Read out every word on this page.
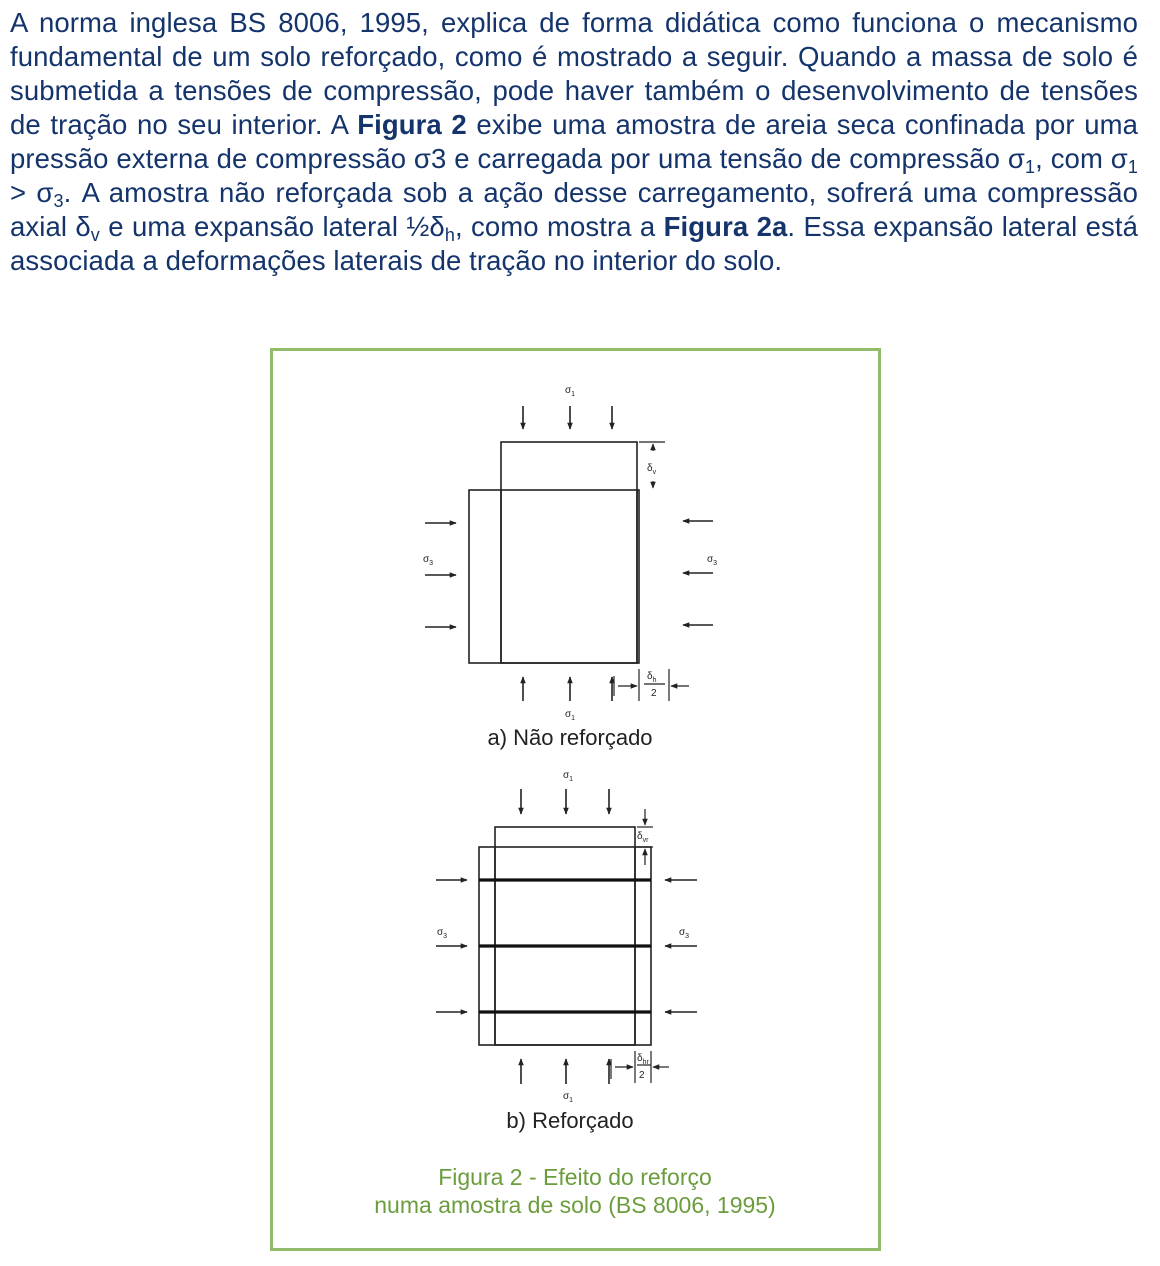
A norma inglesa BS 8006, 1995, explica de forma didática como funciona o mecanismo fundamental de um solo reforçado, como é mostrado a seguir. Quando a massa de solo é submetida a tensões de compressão, pode haver também o desenvolvimento de tensões de tração no seu interior. A Figura 2 exibe uma amostra de areia seca confinada por uma pressão externa de compressão σ3 e carregada por uma tensão de compressão $\sigma_1$, com $\sigma_1 > \sigma_3$. A amostra não reforçada sob a ação desse carregamento, sofrerá uma compressão axial $\delta_v$ e uma expansão lateral $\frac{1}{2}\delta_h$, como mostra a Figura 2a. Essa expansão lateral está associada a deformações laterais de tração no interior do solo.
$\sigma_1$
$\sigma_1$
$\sigma_3$	$\sigma_3$
$\delta_v$
$\delta_h$
2
a) Não reforçado
$\sigma_1$
$\sigma_1$
$\sigma_3$	$\sigma_3$
$\delta_{vr}$
$\delta_{hr}$
2
b) Reforçado
Figura 2 - Efeito do reforço
numa amostra de solo (BS 8006, 1995)
